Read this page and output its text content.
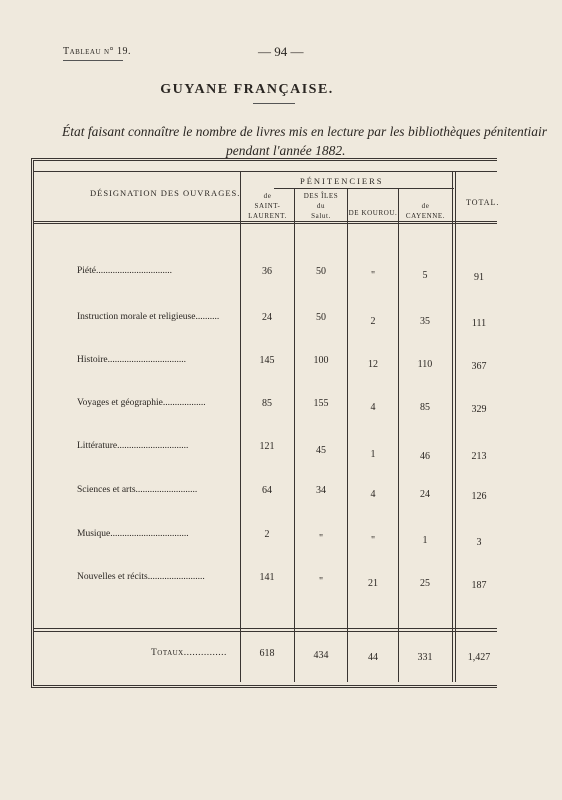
Tableau n° 19.	— 94 —
GUYANE FRANÇAISE.
État faisant connaître le nombre de livres mis en lecture par les bibliothèques pénitentiair
pendant l'année 1882.
PÉNITENCIERS
DÉSIGNATION DES OUVRAGES.	de
SAINT-
LAURENT.
DES ÎLES
du
Salut.	DE KOUROU.
de
CAYENNE.
TOTAL.
Piété................................	36	50	"	5	91
Instruction morale et religieuse..........	24	50	2	35	111
Histoire.................................	145	100	12	110	367
Voyages et géographie..................	85	155	4	85	329
Littérature..............................	121	45	1	46	213
Sciences et arts..........................	64	34	4	24	126
Musique.................................	2	"	"	1	3
Nouvelles et récits........................	141	"	21	25	187
Totaux...............	618	434	44	331	1,427
